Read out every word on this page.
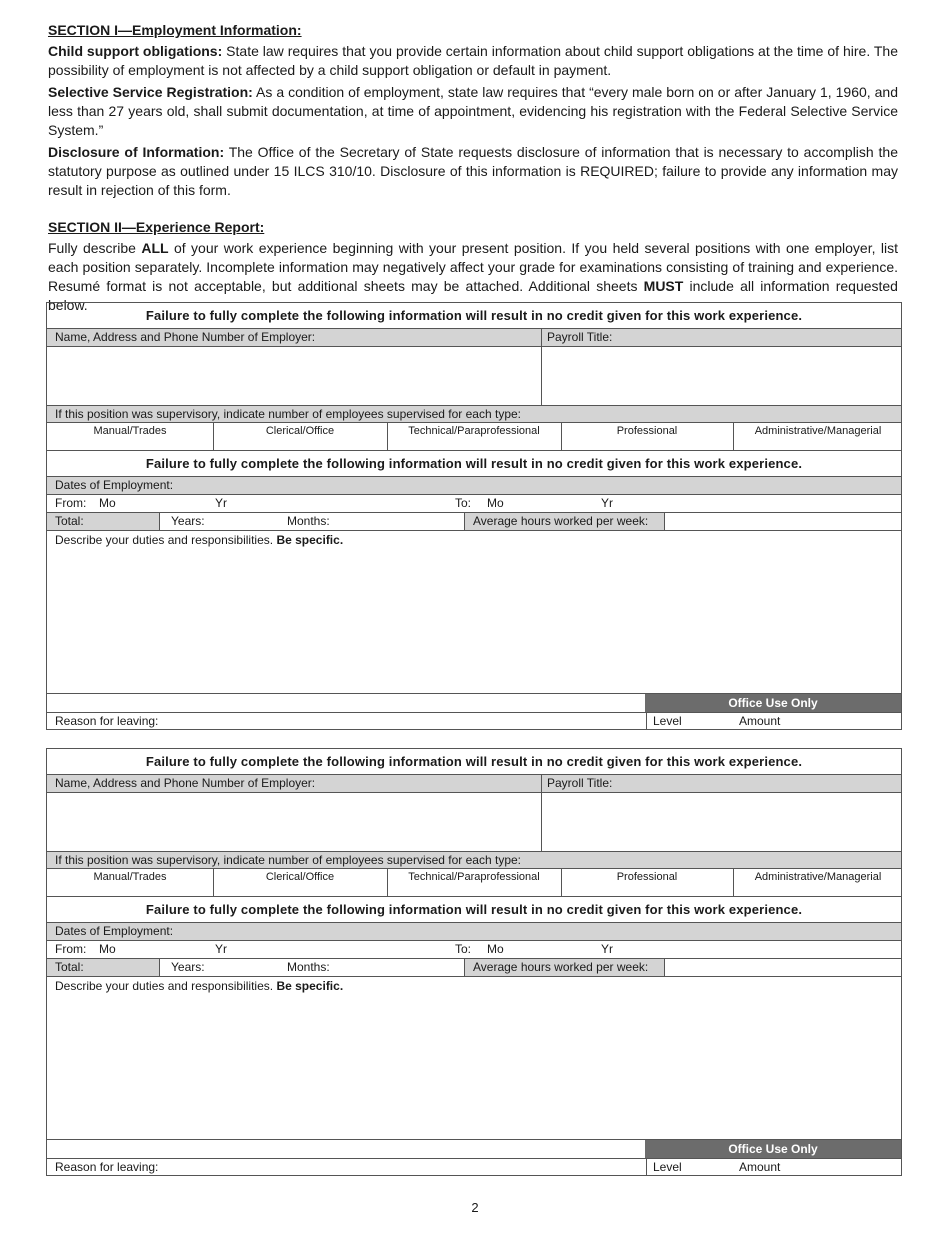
SECTION I—Employment Information:

Child support obligations: State law requires that you provide certain information about child support obligations at the time of hire. The possibility of employment is not affected by a child support obligation or default in payment.

Selective Service Registration: As a condition of employment, state law requires that “every male born on or after January 1, 1960, and less than 27 years old, shall submit documentation, at time of appointment, evidencing his registration with the Federal Selective Service System.”

Disclosure of Information: The Office of the Secretary of State requests disclosure of information that is necessary to accomplish the statutory purpose as outlined under 15 ILCS 310/10. Disclosure of this information is REQUIRED; failure to provide any information may result in rejection of this form.

SECTION II—Experience Report:

Fully describe ALL of your work experience beginning with your present position. If you held several positions with one employer, list each position separately. Incomplete information may negatively affect your grade for examinations consisting of training and experience. Resumé format is not acceptable, but additional sheets may be attached. Additional sheets MUST include all information requested below.

Failure to fully complete the following information will result in no credit given for this work experience.
Name, Address and Phone Number of Employer:	Payroll Title:
If this position was supervisory, indicate number of employees supervised for each type:
Manual/Trades	Clerical/Office	Technical/Paraprofessional	Professional	Administrative/Managerial
Failure to fully complete the following information will result in no credit given for this work experience.
Dates of Employment:
From: Mo	Yr	To: Mo	Yr
Total:	Years:	Months:	Average hours worked per week:
Describe your duties and responsibilities. Be specific.
Office Use Only
Reason for leaving:	Level	Amount
Failure to fully complete the following information will result in no credit given for this work experience.
Name, Address and Phone Number of Employer:	Payroll Title:
If this position was supervisory, indicate number of employees supervised for each type:
Manual/Trades	Clerical/Office	Technical/Paraprofessional	Professional	Administrative/Managerial
Failure to fully complete the following information will result in no credit given for this work experience.
Dates of Employment:
From: Mo	Yr	To: Mo	Yr
Total:	Years:	Months:	Average hours worked per week:
Describe your duties and responsibilities. Be specific.
Office Use Only
Reason for leaving:	Level	Amount
2
